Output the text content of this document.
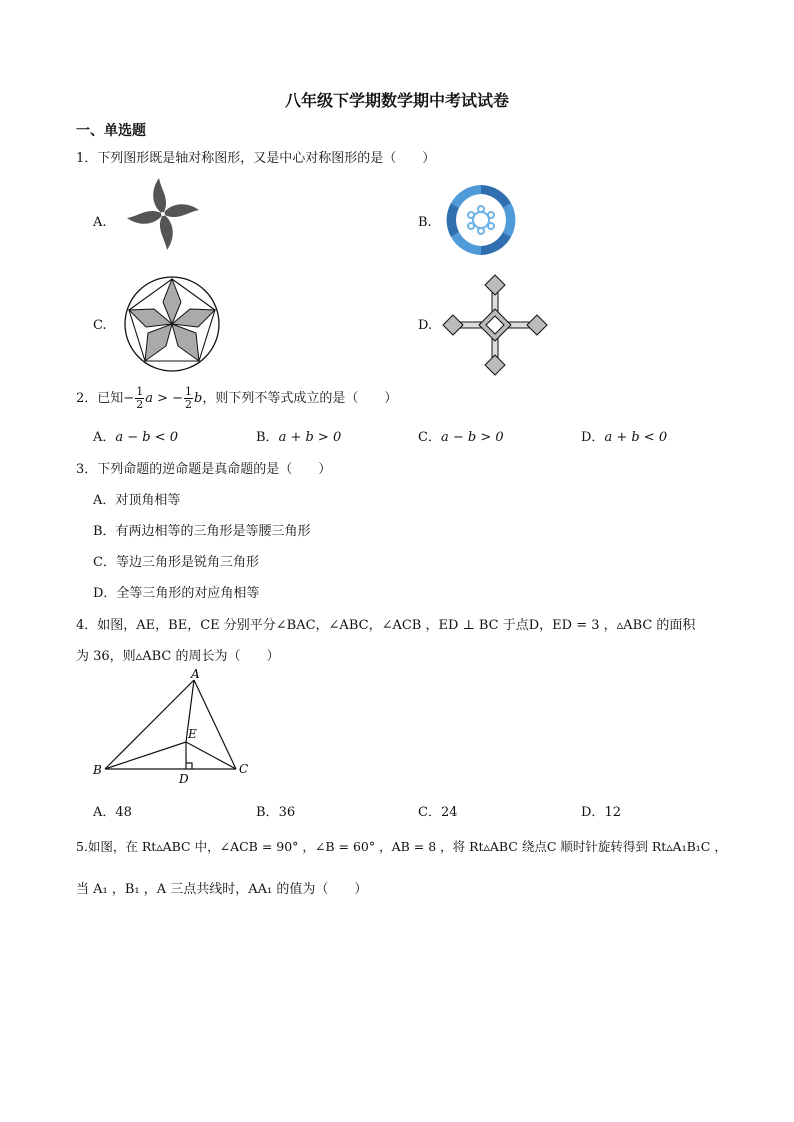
八年级下学期数学期中考试试卷
一、单选题
1．下列图形既是轴对称图形，又是中心对称图形的是（　　）
A.	B.
C.	D.
2．已知− $\frac{1}{2}$ a > − $\frac{1}{2}$ b，则下列不等式成立的是（　　）
A．a − b < 0	B．a + b > 0	C．a − b > 0	D．a + b < 0
3．下列命题的逆命题是真命题的是（　　）
A．对顶角相等
B．有两边相等的三角形是等腰三角形
C．等边三角形是锐角三角形
D．全等三角形的对应角相等
4．如图，AE，BE，CE 分别平分∠BAC，∠ABC，∠ACB ，ED ⊥ BC 于点D，ED = 3 ，▵ABC 的面积
为 36，则▵ABC 的周长为（　　）
A
B	C
D
E
A．48	B．36	C．24	D．12
5.如图，在 Rt▵ABC 中，∠ACB = 90° ，∠B = 60° ，AB = 8 ，将 Rt▵ABC 绕点C 顺时针旋转得到 Rt▵A₁B₁C ，
当 A₁ ，B₁ ，A 三点共线时，AA₁ 的值为（　　）
